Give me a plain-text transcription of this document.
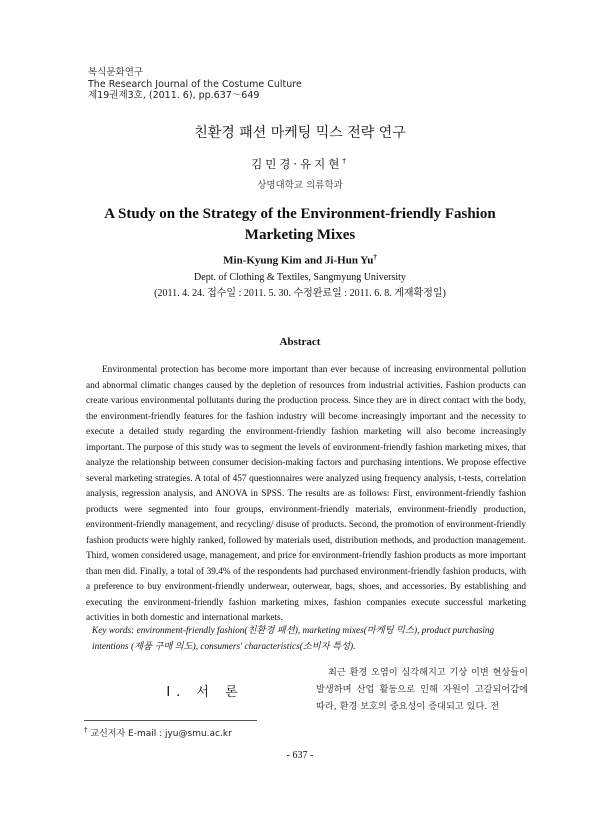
복식문화연구
The Research Journal of the Costume Culture
제19권제3호, (2011. 6), pp.637～649
친환경 패션 마케팅 믹스 전략 연구
김민경·유지현†
상명대학교 의류학과
A Study on the Strategy of the Environment-friendly Fashion Marketing Mixes
Min-Kyung Kim and Ji-Hun Yu†
Dept. of Clothing & Textiles, Sangmyung University
(2011. 4. 24. 접수일 : 2011. 5. 30. 수정완료일 : 2011. 6. 8. 게재확정일)
Abstract
Environmental protection has become more important than ever because of increasing environmental pollution and abnormal climatic changes caused by the depletion of resources from industrial activities. Fashion products can create various environmental pollutants during the production process. Since they are in direct contact with the body, the environment-friendly features for the fashion industry will become increasingly important and the necessity to execute a detailed study regarding the environment-friendly fashion marketing will also become increasingly important. The purpose of this study was to segment the levels of environment-friendly fashion marketing mixes, that analyze the relationship between consumer decision-making factors and purchasing intentions. We propose effective several marketing strategies. A total of 457 questionnaires were analyzed using frequency analysis, t-tests, correlation analysis, regression analysis, and ANOVA in SPSS. The results are as follows: First, environment-friendly fashion products were segmented into four groups, environment-friendly materials, environment-friendly production, environment-friendly management, and recycling/ disuse of products. Second, the promotion of environment-friendly fashion products were highly ranked, followed by materials used, distribution methods, and production management. Third, women considered usage, management, and price for environment-friendly fashion products as more important than men did. Finally, a total of 39.4% of the respondents had purchased environment-friendly fashion products, with a preference to buy environment-friendly underwear, outerwear, bags, shoes, and accessories. By establishing and executing the environment-friendly fashion marketing mixes, fashion companies execute successful marketing activities in both domestic and international markets.
Key words: environment-friendly fashion(친환경 패션), marketing mixes(마케팅 믹스), product purchasing intentions (제품 구매 의도), consumers' characteristics(소비자 특성).
Ⅰ. 서 론
최근 환경 오염이 심각해지고 기상 이변 현상들이 발생하며 산업 활동으로 인해 자원이 고갈되어감에 따라, 환경 보호의 중요성이 증대되고 있다. 전
† 교신저자 E-mail : jyu@smu.ac.kr
- 637 -
